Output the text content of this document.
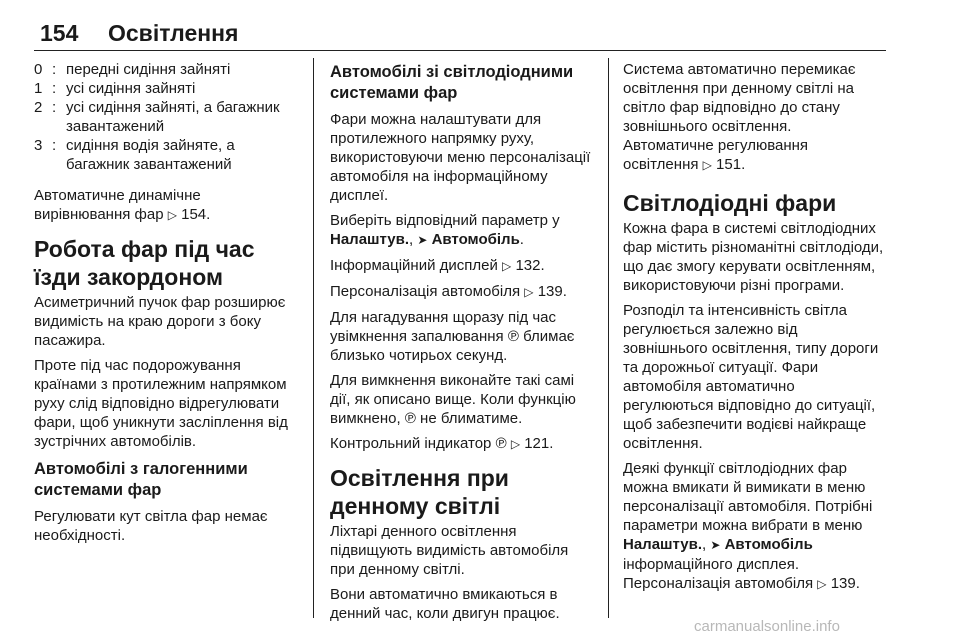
154 Освітлення
0 : передні сидіння зайняті
1 : усі сидіння зайняті
2 : усі сидіння зайняті, а багажник завантажений
3 : сидіння водія зайняте, а багажник завантажений

Автоматичне динамічне вирівнювання фар ▷ 154.

Робота фар під час їзди закордоном

Асиметричний пучок фар розширює видимість на краю дороги з боку пасажира.

Проте під час подорожування країнами з протилежним напрямком руху слід відповідно відрегулювати фари, щоб уникнути засліплення від зустрічних автомобілів.

Автомобілі з галогенними системами фар

Регулювати кут світла фар немає необхідності.

Автомобілі зі світлодіодними системами фар

Фари можна налаштувати для протилежного напрямку руху, використовуючи меню персоналізації автомобіля на інформаційному дисплеї.

Виберіть відповідний параметр у Налаштув., ➤ Автомобіль.

Інформаційний дисплей ▷ 132.

Персоналізація автомобіля ▷ 139.

Для нагадування щоразу під час увімкнення запалювання ℗ блимає близько чотирьох секунд.

Для вимкнення виконайте такі самі дії, як описано вище. Коли функцію вимкнено, ℗ не блиматиме.

Контрольний індикатор ℗ ▷ 121.

Освітлення при денному світлі

Ліхтарі денного освітлення підвищують видимість автомобіля при денному світлі.

Вони автоматично вмикаються в денний час, коли двигун працює.

Система автоматично перемикає освітлення при денному світлі на світло фар відповідно до стану зовнішнього освітлення. Автоматичне регулювання освітлення ▷ 151.

Світлодіодні фари

Кожна фара в системі світлодіодних фар містить різноманітні світлодіоди, що дає змогу керувати освітленням, використовуючи різні програми.

Розподіл та інтенсивність світла регулюється залежно від зовнішнього освітлення, типу дороги та дорожньої ситуації. Фари автомобіля автоматично регулюються відповідно до ситуації, щоб забезпечити водієві найкраще освітлення.

Деякі функції світлодіодних фар можна вмикати й вимикати в меню персоналізації автомобіля. Потрібні параметри можна вибрати в меню Налаштув., ➤ Автомобіль інформаційного дисплея. Персоналізація автомобіля ▷ 139.

carmanualsonline.info
